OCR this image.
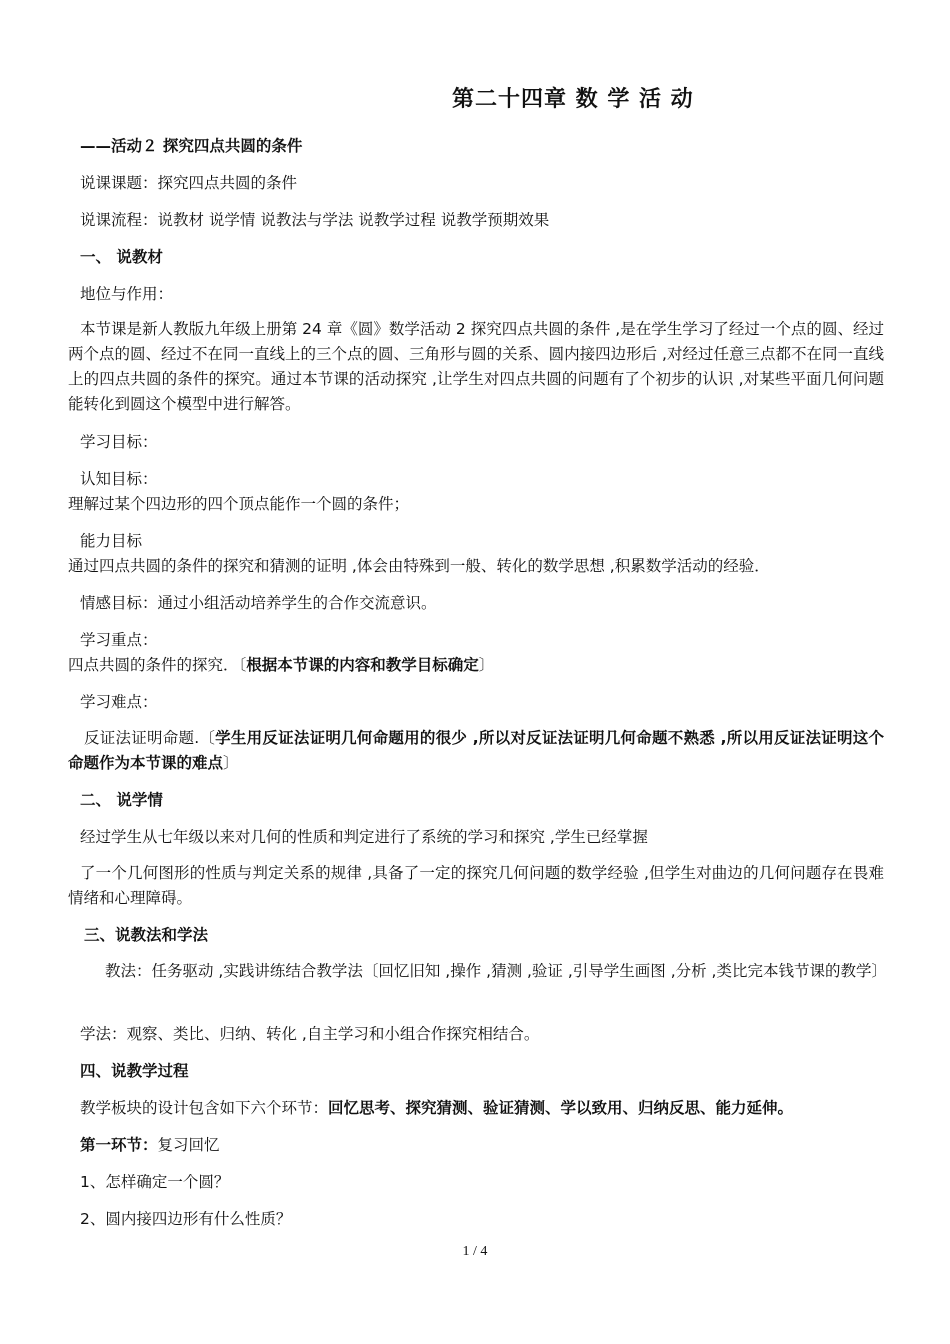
第二十四章 数 学 活 动

——活动２ 探究四点共圆的条件

说课课题：探究四点共圆的条件

说课流程：说教材 说学情 说教法与学法 说教学过程 说教学预期效果

一、 说教材

地位与作用：

本节课是新人教版九年级上册第 24 章《圆》数学活动 2 探究四点共圆的条件 ,是在学生学习了经过一个点的圆、经过两个点的圆、经过不在同一直线上的三个点的圆、三角形与圆的关系、圆内接四边形后 ,对经过任意三点都不在同一直线上的四点共圆的条件的探究。通过本节课的活动探究 ,让学生对四点共圆的问题有了个初步的认识 ,对某些平面几何问题能转化到圆这个模型中进行解答。

学习目标：

认知目标：

理解过某个四边形的四个顶点能作一个圆的条件；

能力目标

通过四点共圆的条件的探究和猜测的证明 ,体会由特殊到一般、转化的数学思想 ,积累数学活动的经验．

情感目标：通过小组活动培养学生的合作交流意识。

学习重点：

四点共圆的条件的探究．〔根据本节课的内容和教学目标确定〕

学习难点：

反证法证明命题.〔学生用反证法证明几何命题用的很少 ,所以对反证法证明几何命题不熟悉 ,所以用反证法证明这个命题作为本节课的难点〕

二、 说学情

经过学生从七年级以来对几何的性质和判定进行了系统的学习和探究 ,学生已经掌握

了一个几何图形的性质与判定关系的规律 ,具备了一定的探究几何问题的数学经验 ,但学生对曲边的几何问题存在畏难情绪和心理障碍。

三、说教法和学法

教法：任务驱动 ,实践讲练结合教学法〔回忆旧知 ,操作 ,猜测 ,验证 ,引导学生画图 ,分析 ,类比完本钱节课的教学〕

学法：观察、类比、归纳、转化 ,自主学习和小组合作探究相结合。

四、说教学过程

教学板块的设计包含如下六个环节：回忆思考、探究猜测、验证猜测、学以致用、归纳反思、能力延伸。

第一环节：复习回忆

1、怎样确定一个圆？

2、圆内接四边形有什么性质？

1 / 4
